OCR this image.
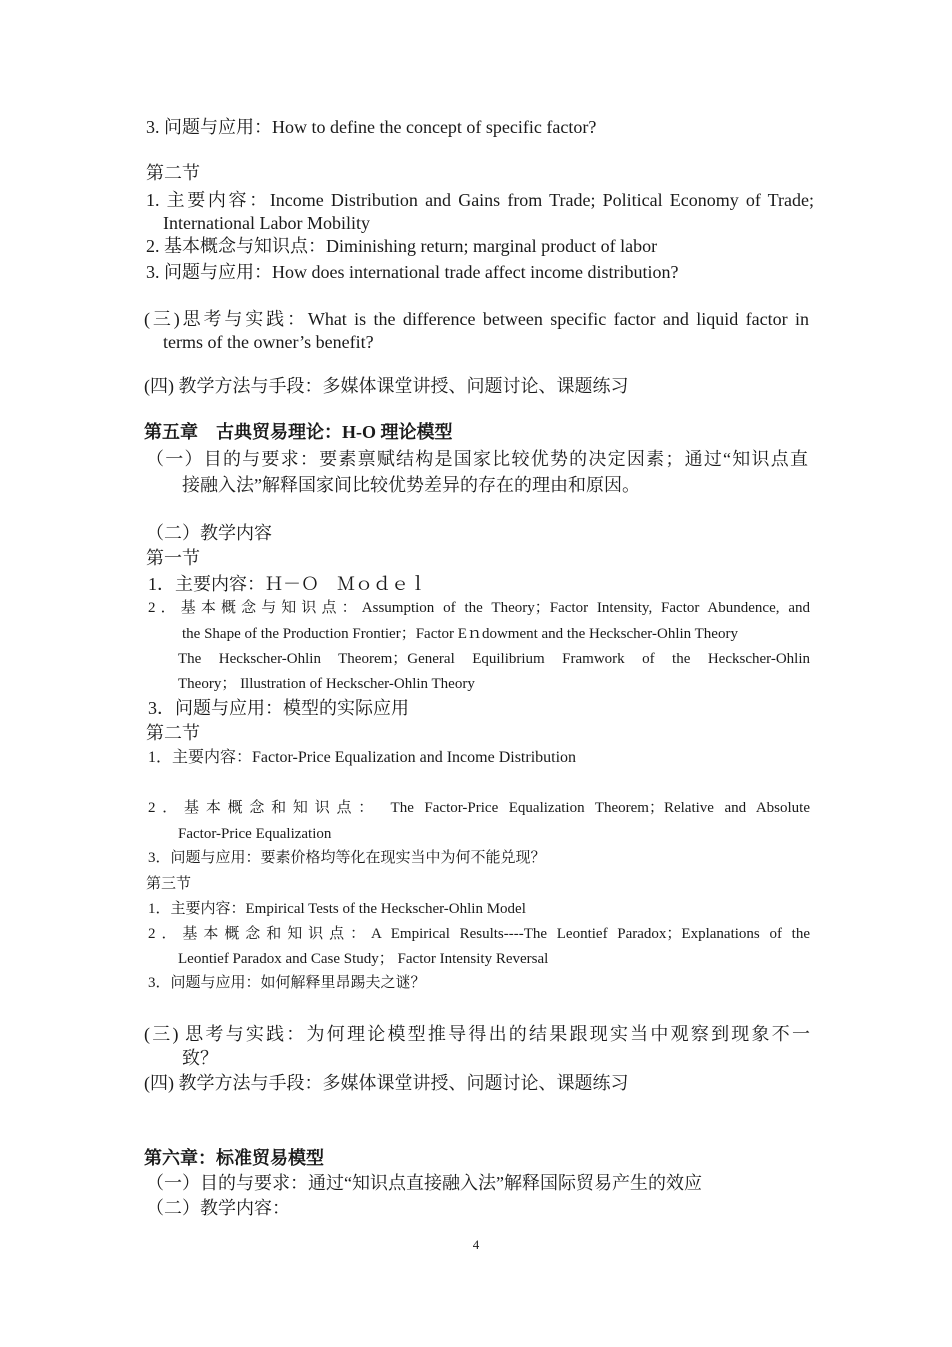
3. 问题与应用：How to define the concept of specific factor?
第二节
1. 主要内容：Income Distribution and Gains from Trade; Political Economy of Trade;
International Labor Mobility
2. 基本概念与知识点：Diminishing return; marginal product of labor
3. 问题与应用：How does international trade affect income distribution?
(三)思考与实践：What is the difference between specific factor and liquid factor in
terms of the owner’s benefit?
(四) 教学方法与手段：多媒体课堂讲授、问题讨论、课题练习
第五章　古典贸易理论：H-O 理论模型
（一）目的与要求：要素禀赋结构是国家比较优势的决定因素；通过“知识点直
接融入法”解释国家间比较优势差异的存在的理由和原因。
（二）教学内容
第一节
1．主要内容：Ｈ－Ｏ　Ｍｏｄｅｌ
2．基本概念与知识点：Assumption of the Theory；Factor Intensity, Factor Abundence, and
the Shape of the Production Frontier；Factor Eｎdowment and the Heckscher-Ohlin Theory
The Heckscher-Ohlin Theorem；General Equilibrium Framwork of the Heckscher-Ohlin
Theory； Illustration of Heckscher-Ohlin Theory
3．问题与应用：模型的实际应用
第二节
1．主要内容：Factor-Price Equalization and Income Distribution
2．基本概念和知识点： The Factor-Price Equalization Theorem；Relative and Absolute
Factor-Price Equalization
3．问题与应用：要素价格均等化在现实当中为何不能兑现？
第三节
1．主要内容：Empirical Tests of the Heckscher-Ohlin Model
2．基本概念和知识点：A Empirical Results----The Leontief Paradox；Explanations of the
Leontief Paradox and Case Study； Factor Intensity Reversal
3．问题与应用：如何解释里昂踢夫之谜？
(三) 思考与实践：为何理论模型推导得出的结果跟现实当中观察到现象不一
致？
(四) 教学方法与手段：多媒体课堂讲授、问题讨论、课题练习
第六章：标准贸易模型
（一）目的与要求：通过“知识点直接融入法”解释国际贸易产生的效应
（二）教学内容：
4
